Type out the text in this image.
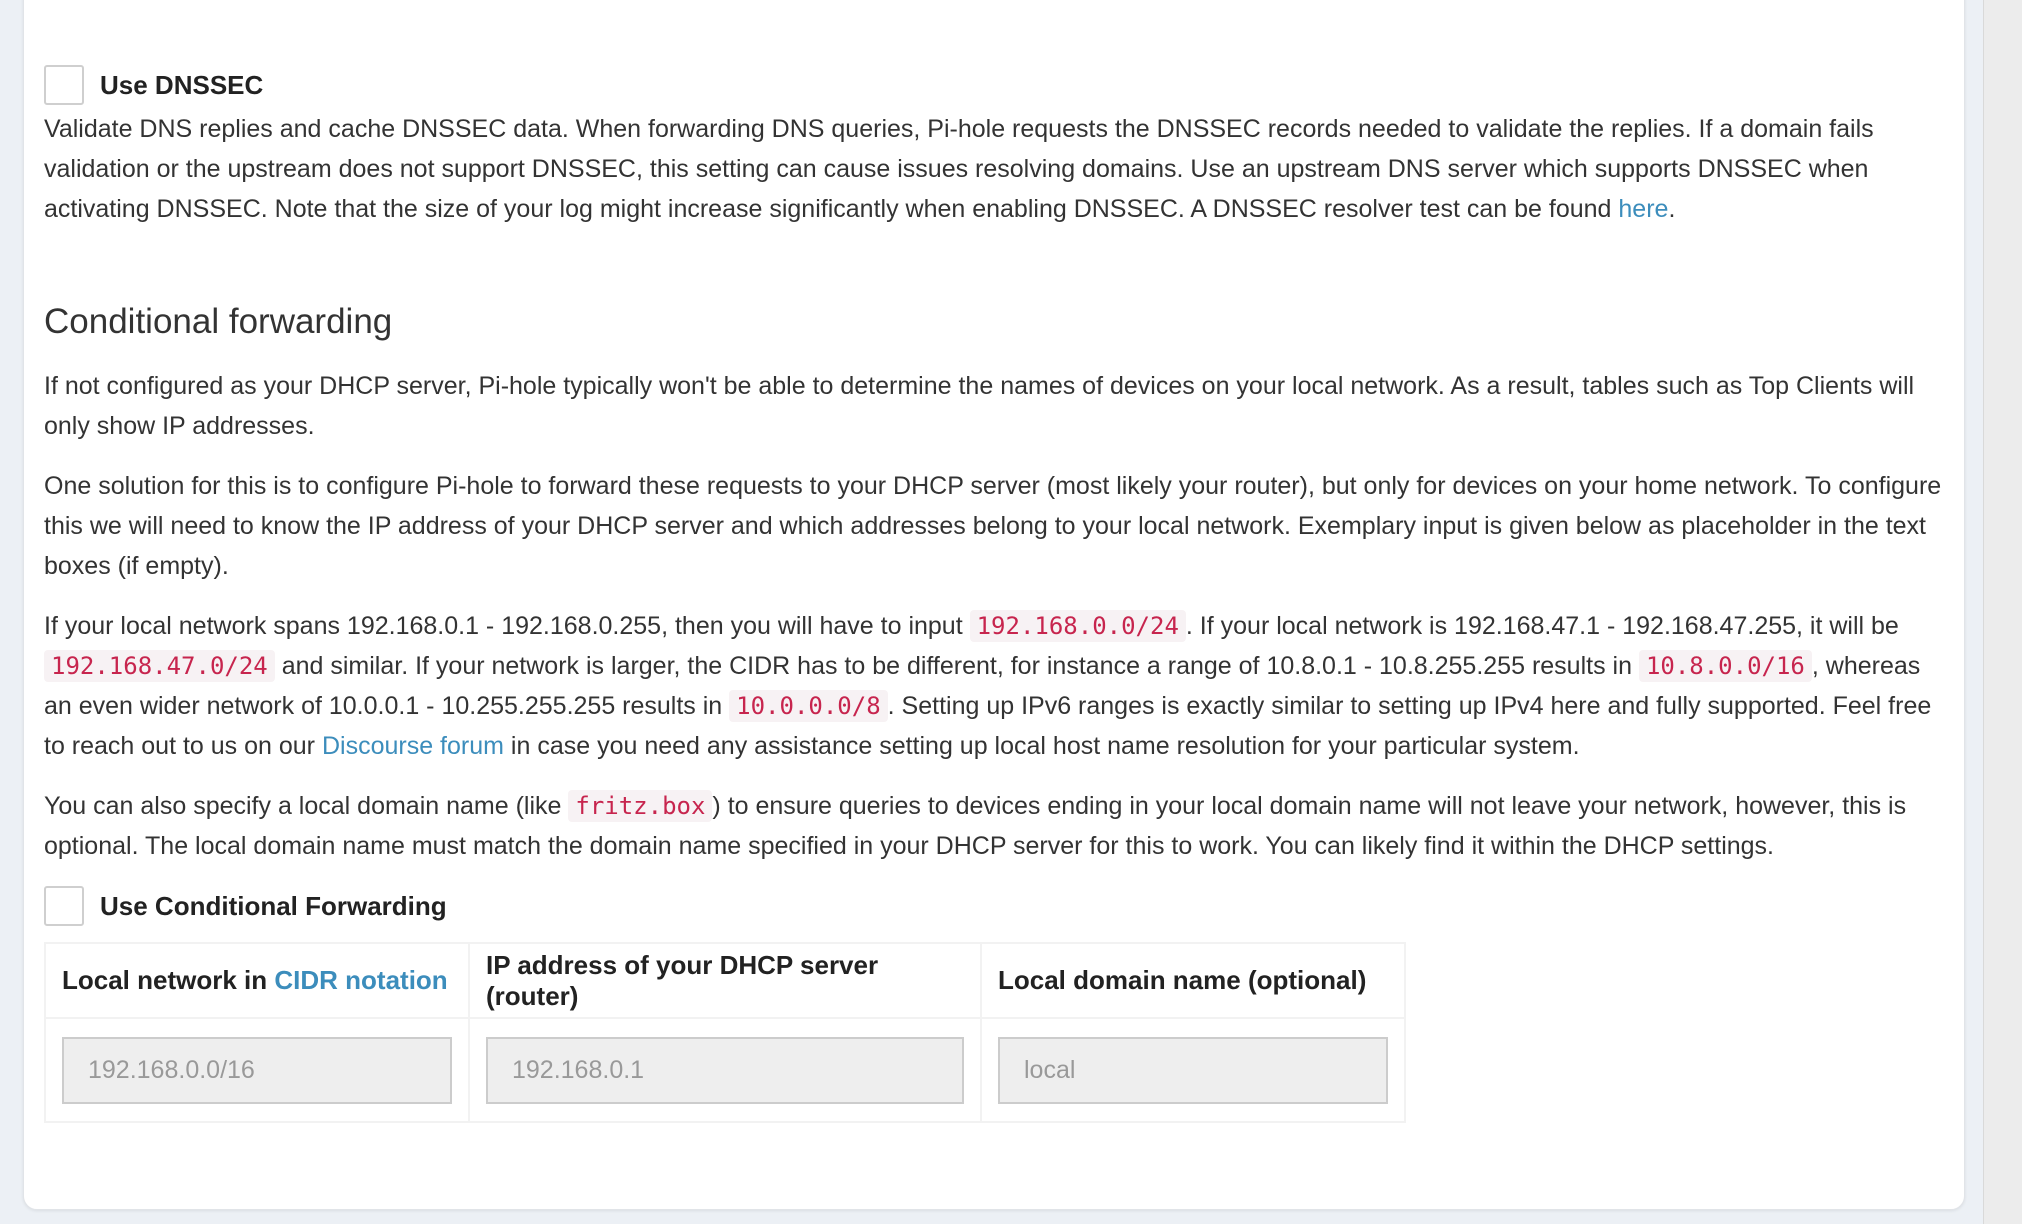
Use DNSSEC

Validate DNS replies and cache DNSSEC data. When forwarding DNS queries, Pi-hole requests the DNSSEC records needed to validate the replies. If a domain fails validation or the upstream does not support DNSSEC, this setting can cause issues resolving domains. Use an upstream DNS server which supports DNSSEC when activating DNSSEC. Note that the size of your log might increase significantly when enabling DNSSEC. A DNSSEC resolver test can be found here.

Conditional forwarding

If not configured as your DHCP server, Pi-hole typically won't be able to determine the names of devices on your local network. As a result, tables such as Top Clients will only show IP addresses.

One solution for this is to configure Pi-hole to forward these requests to your DHCP server (most likely your router), but only for devices on your home network. To configure this we will need to know the IP address of your DHCP server and which addresses belong to your local network. Exemplary input is given below as placeholder in the text boxes (if empty).

If your local network spans 192.168.0.1 - 192.168.0.255, then you will have to input 192.168.0.0/24 . If your local network is 192.168.47.1 - 192.168.47.255, it will be 192.168.47.0/24 and similar. If your network is larger, the CIDR has to be different, for instance a range of 10.8.0.1 - 10.8.255.255 results in 10.8.0.0/16 , whereas an even wider network of 10.0.0.1 - 10.255.255.255 results in 10.0.0.0/8 . Setting up IPv6 ranges is exactly similar to setting up IPv4 here and fully supported. Feel free to reach out to us on our Discourse forum in case you need any assistance setting up local host name resolution for your particular system.

You can also specify a local domain name (like fritz.box ) to ensure queries to devices ending in your local domain name will not leave your network, however, this is optional. The local domain name must match the domain name specified in your DHCP server for this to work. You can likely find it within the DHCP settings.

Use Conditional Forwarding
Local network in CIDR notation	IP address of your DHCP server (router)	Local domain name (optional)
192.168.0.0/16	192.168.0.1	local
